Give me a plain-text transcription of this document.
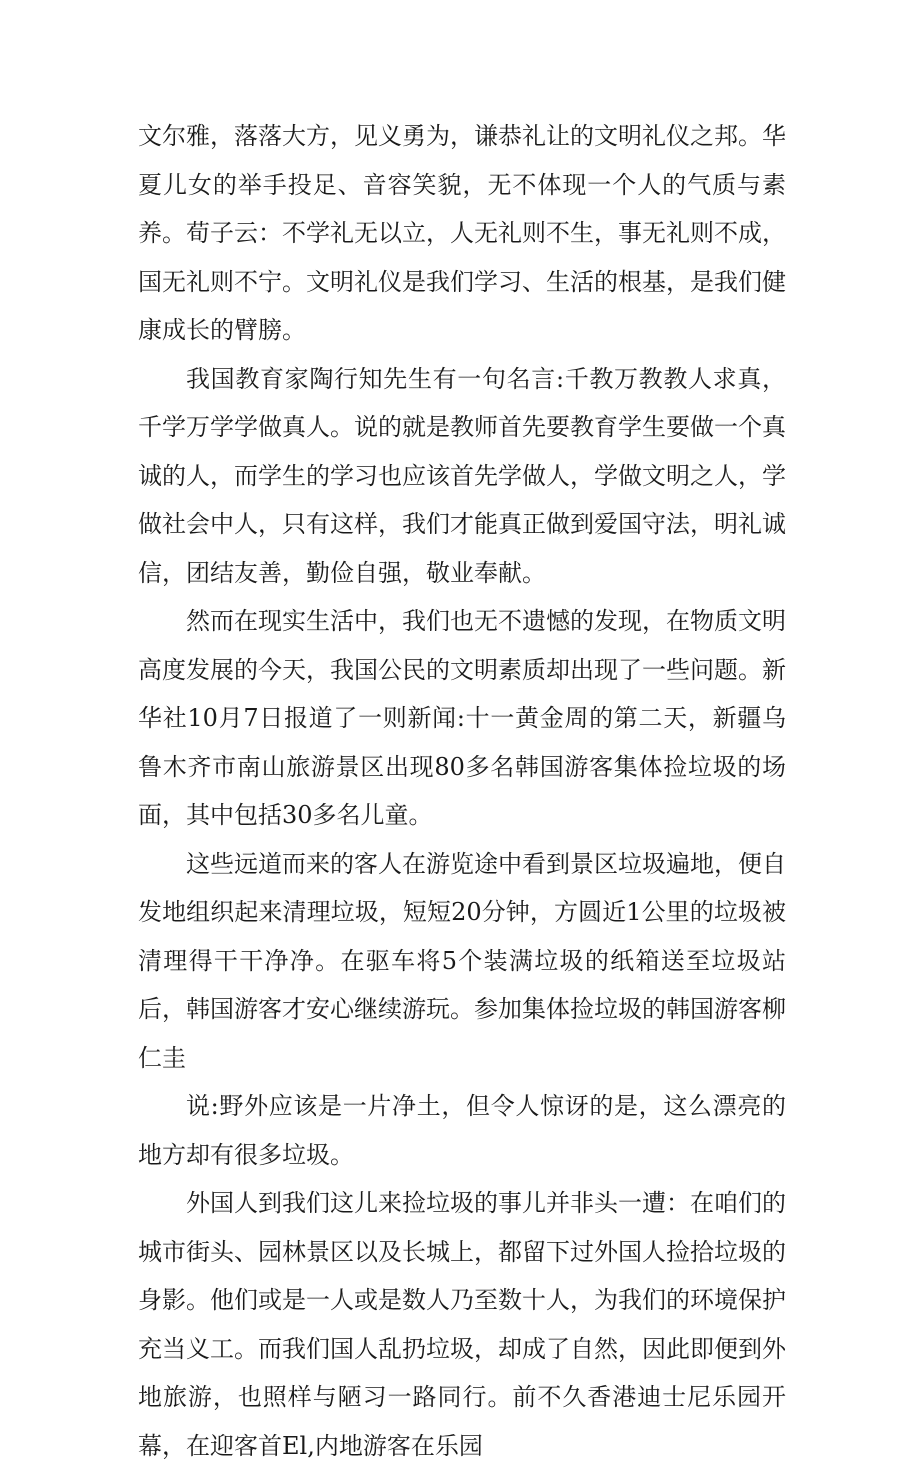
文尔雅，落落大方，见义勇为，谦恭礼让的文明礼仪之邦。华夏儿女的举手投足、音容笑貌，无不体现一个人的气质与素养。荀子云：不学礼无以立，人无礼则不生，事无礼则不成，国无礼则不宁。文明礼仪是我们学习、生活的根基，是我们健康成长的臂膀。

我国教育家陶行知先生有一句名言:千教万教教人求真，千学万学学做真人。说的就是教师首先要教育学生要做一个真诚的人，而学生的学习也应该首先学做人，学做文明之人，学做社会中人，只有这样，我们才能真正做到爱国守法，明礼诚信，团结友善，勤俭自强，敬业奉献。

然而在现实生活中，我们也无不遗憾的发现，在物质文明高度发展的今天，我国公民的文明素质却出现了一些问题。新华社10月7日报道了一则新闻:十一黄金周的第二天，新疆乌鲁木齐市南山旅游景区出现80多名韩国游客集体捡垃圾的场面，其中包括30多名儿童。

这些远道而来的客人在游览途中看到景区垃圾遍地，便自发地组织起来清理垃圾，短短20分钟，方圆近1公里的垃圾被清理得干干净净。在驱车将5个装满垃圾的纸箱送至垃圾站后，韩国游客才安心继续游玩。参加集体捡垃圾的韩国游客柳仁圭

说:野外应该是一片净土，但令人惊讶的是，这么漂亮的地方却有很多垃圾。

外国人到我们这儿来捡垃圾的事儿并非头一遭：在咱们的城市街头、园林景区以及长城上，都留下过外国人捡拾垃圾的身影。他们或是一人或是数人乃至数十人，为我们的环境保护充当义工。而我们国人乱扔垃圾，却成了自然，因此即便到外地旅游，也照样与陋习一路同行。前不久香港迪士尼乐园开幕，在迎客首El,内地游客在乐园
